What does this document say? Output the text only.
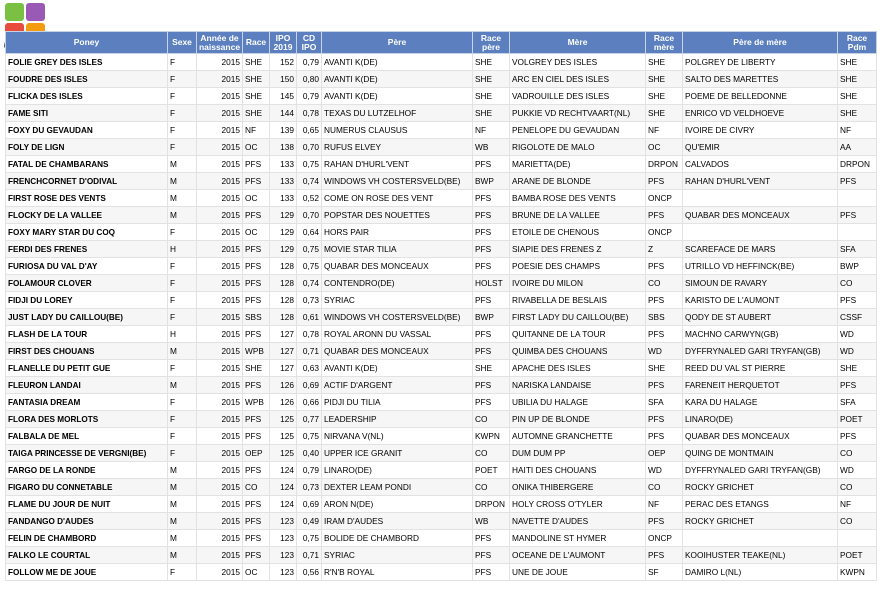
Poney	Sexe	Année de naissance	Race	IPO 2019	CD IPO	Père	Race père	Mère	Race mère	Père de mère	Race Pdm
FOLIE GREY DES ISLES	F	2015	SHE	152	0,79	AVANTI K(DE)	SHE	VOLGREY DES ISLES	SHE	POLGREY DE LIBERTY	SHE
FOUDRE DES ISLES	F	2015	SHE	150	0,80	AVANTI K(DE)	SHE	ARC EN CIEL DES ISLES	SHE	SALTO DES MARETTES	SHE
FLICKA DES ISLES	F	2015	SHE	145	0,79	AVANTI K(DE)	SHE	VADROUILLE DES ISLES	SHE	POEME DE BELLEDONNE	SHE
FAME SITI	F	2015	SHE	144	0,78	TEXAS DU LUTZELHOF	SHE	PUKKIE VD RECHTVAART(NL)	SHE	ENRICO VD VELDHOEVE	SHE
FOXY DU GEVAUDAN	F	2015	NF	139	0,65	NUMERUS CLAUSUS	NF	PENELOPE DU GEVAUDAN	NF	IVOIRE DE CIVRY	NF
FOLY DE LIGN	F	2015	OC	138	0,70	RUFUS ELVEY	WB	RIGOLOTE DE MALO	OC	QU'EMIR	AA
FATAL DE CHAMBARANS	M	2015	PFS	133	0,75	RAHAN D'HURL'VENT	PFS	MARIETTA(DE)	DRPON	CALVADOS	DRPON
FRENCHCORNET D'ODIVAL	M	2015	PFS	133	0,74	WINDOWS VH COSTERSVELD(BE)	BWP	ARANE DE BLONDE	PFS	RAHAN D'HURL'VENT	PFS
FIRST ROSE DES VENTS	M	2015	OC	133	0,52	COME ON ROSE DES VENT	PFS	BAMBA ROSE DES VENTS	ONCP		
FLOCKY DE LA VALLEE	M	2015	PFS	129	0,70	POPSTAR DES NOUETTES	PFS	BRUNE DE LA VALLEE	PFS	QUABAR DES MONCEAUX	PFS
FOXY MARY STAR DU COQ	F	2015	OC	129	0,64	HORS PAIR	PFS	ETOILE DE CHENOUS	ONCP		
FERDI DES FRENES	H	2015	PFS	129	0,75	MOVIE STAR TILIA	PFS	SIAPIE DES FRENES Z	Z	SCAREFACE DE MARS	SFA
FURIOSA DU VAL D'AY	F	2015	PFS	128	0,75	QUABAR DES MONCEAUX	PFS	POESIE DES CHAMPS	PFS	UTRILLO VD HEFFINCK(BE)	BWP
FOLAMOUR CLOVER	F	2015	PFS	128	0,74	CONTENDRO(DE)	HOLST	IVOIRE DU MILON	CO	SIMOUN DE RAVARY	CO
FIDJI DU LOREY	F	2015	PFS	128	0,73	SYRIAC	PFS	RIVABELLA DE BESLAIS	PFS	KARISTO DE L'AUMONT	PFS
JUST LADY DU CAILLOU(BE)	F	2015	SBS	128	0,61	WINDOWS VH COSTERSVELD(BE)	BWP	FIRST LADY DU CAILLOU(BE)	SBS	QODY DE ST AUBERT	CSSF
FLASH DE LA TOUR	H	2015	PFS	127	0,78	ROYAL ARONN DU VASSAL	PFS	QUITANNE DE LA TOUR	PFS	MACHNO CARWYN(GB)	WD
FIRST DES CHOUANS	M	2015	WPB	127	0,71	QUABAR DES MONCEAUX	PFS	QUIMBA DES CHOUANS	WD	DYFFRYNALED GARI TRYFAN(GB)	WD
FLANELLE DU PETIT GUE	F	2015	SHE	127	0,63	AVANTI K(DE)	SHE	APACHE DES ISLES	SHE	REED DU VAL ST PIERRE	SHE
FLEURON LANDAI	M	2015	PFS	126	0,69	ACTIF D'ARGENT	PFS	NARISKA LANDAISE	PFS	FARENEIT HERQUETOT	PFS
FANTASIA DREAM	F	2015	WPB	126	0,66	PIDJI DU TILIA	PFS	UBILIA DU HALAGE	SFA	KARA DU HALAGE	SFA
FLORA DES MORLOTS	F	2015	PFS	125	0,77	LEADERSHIP	CO	PIN UP DE BLONDE	PFS	LINARO(DE)	POET
FALBALA DE MEL	F	2015	PFS	125	0,75	NIRVANA V(NL)	KWPN	AUTOMNE GRANCHETTE	PFS	QUABAR DES MONCEAUX	PFS
TAIGA PRINCESSE DE VERGNI(BE)	F	2015	OEP	125	0,40	UPPER ICE GRANIT	CO	DUM DUM PP	OEP	QUING DE MONTMAIN	CO
FARGO DE LA RONDE	M	2015	PFS	124	0,79	LINARO(DE)	POET	HAITI DES CHOUANS	WD	DYFFRYNALED GARI TRYFAN(GB)	WD
FIGARO DU CONNETABLE	M	2015	CO	124	0,73	DEXTER LEAM PONDI	CO	ONIKA THIBERGERE	CO	ROCKY GRICHET	CO
FLAME DU JOUR DE NUIT	M	2015	PFS	124	0,69	ARON N(DE)	DRPON	HOLY CROSS O'TYLER	NF	PERAC DES ETANGS	NF
FANDANGO D'AUDES	M	2015	PFS	123	0,49	IRAM D'AUDES	WB	NAVETTE D'AUDES	PFS	ROCKY GRICHET	CO
FELIN DE CHAMBORD	M	2015	PFS	123	0,75	BOLIDE DE CHAMBORD	PFS	MANDOLINE ST HYMER	ONCP		
FALKO LE COURTAL	M	2015	PFS	123	0,71	SYRIAC	PFS	OCEANE DE L'AUMONT	PFS	KOOIHUSTER TEAKE(NL)	POET
FOLLOW ME DE JOUE	F	2015	OC	123	0,56	R'N'B ROYAL	PFS	UNE DE JOUE	SF	DAMIRO L(NL)	KWPN
